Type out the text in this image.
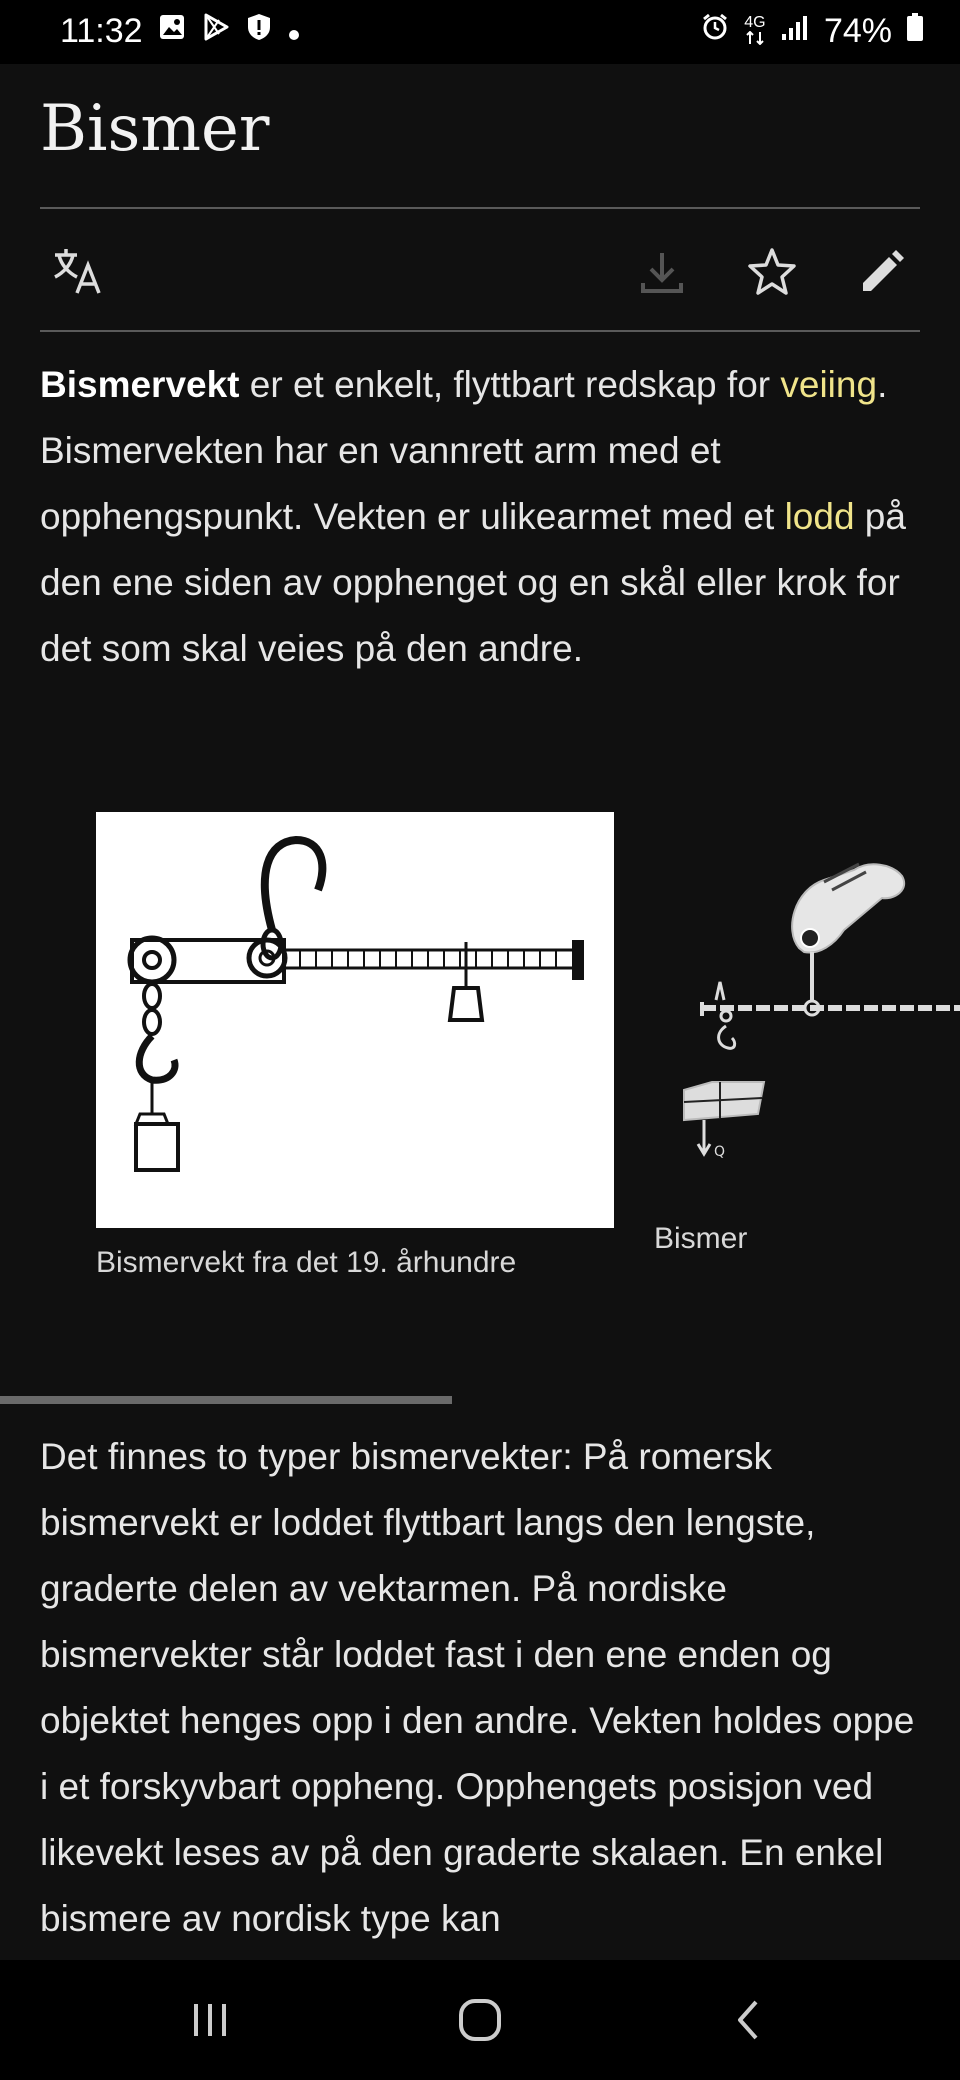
11:32	4G 74%
Bismer

Bismervekt er et enkelt, flyttbart redskap for veiing. Bismervekten har en vannrett arm med et opphengspunkt. Vekten er ulikearmet med et lodd på den ene siden av opphenget og en skål eller krok for det som skal veies på den andre.

Bismervekt fra det 19. århundre
Q
Bismer

Det finnes to typer bismervekter: På romersk bismervekt er loddet flyttbart langs den lengste, graderte delen av vektarmen. På nordiske bismervekter står loddet fast i den ene enden og objektet henges opp i den andre. Vekten holdes oppe i et forskyvbart oppheng. Opphengets posisjon ved likevekt leses av på den graderte skalaen. En enkel bismere av nordisk type kan
